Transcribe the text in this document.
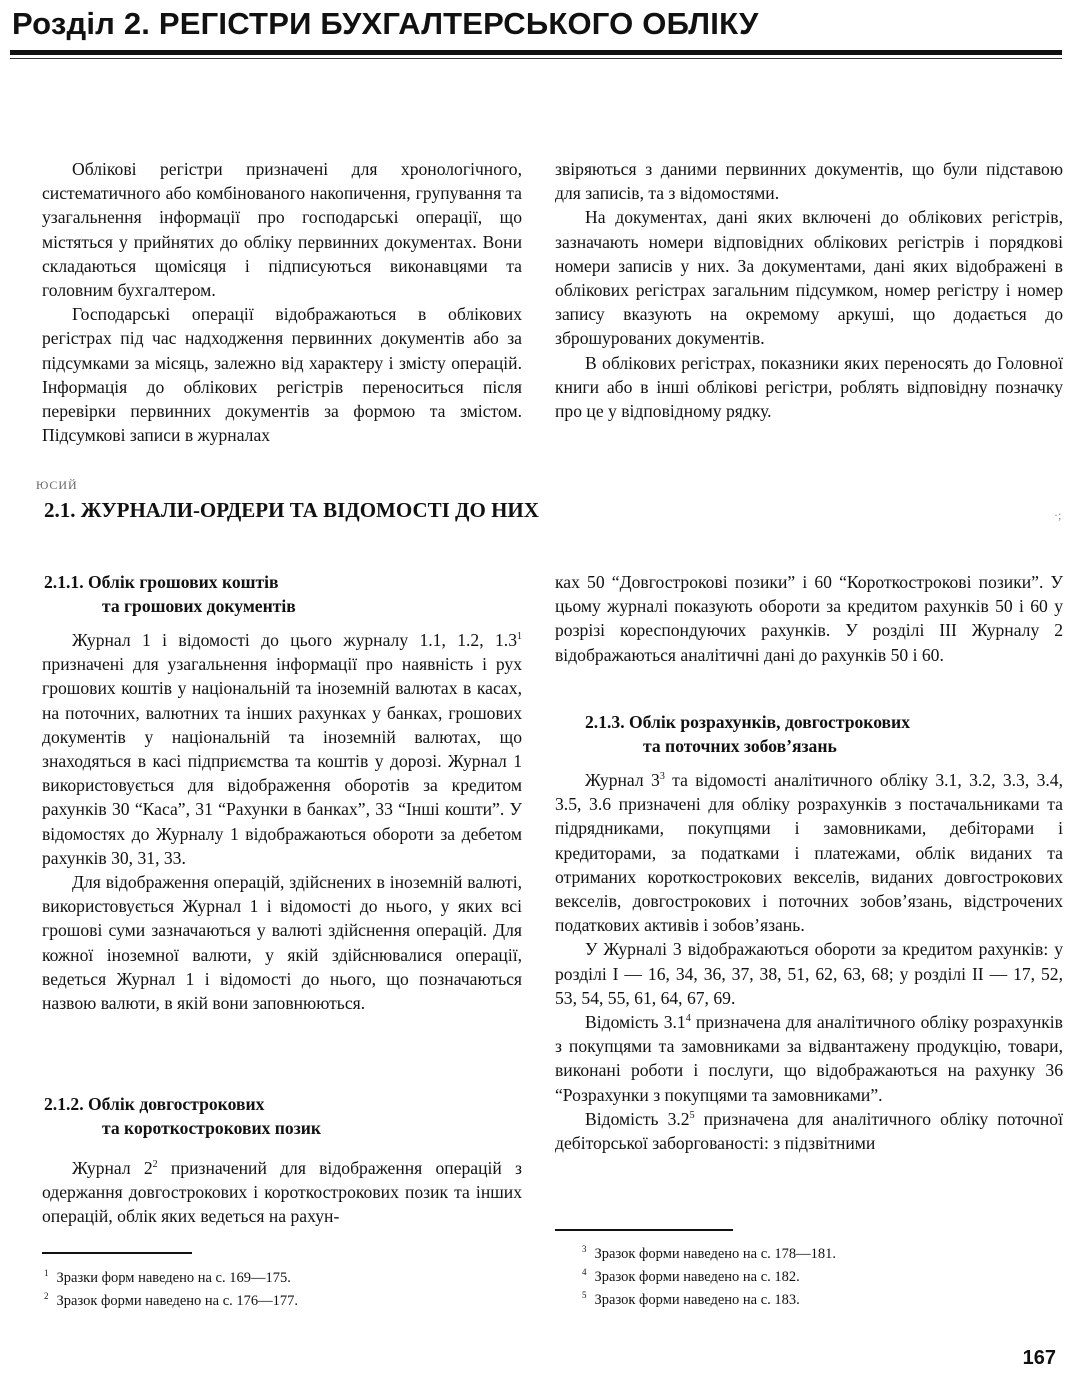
Розділ 2. РЕГІСТРИ БУХГАЛТЕРСЬКОГО ОБЛІКУ

Облікові регістри призначені для хронологічного, систематичного або комбінованого накопичення, групування та узагальнення інформації про господарські операції, що містяться у прийнятих до обліку первинних документах. Вони складаються щомісяця і підписуються виконавцями та головним бухгалтером.

Господарські операції відображаються в облікових регістрах під час надходження первинних документів або за підсумками за місяць, залежно від характеру і змісту операцій. Інформація до облікових регістрів переноситься після перевірки первинних документів за формою та змістом. Підсумкові записи в журналах

звіряються з даними первинних документів, що були підставою для записів, та з відомостями.

На документах, дані яких включені до облікових регістрів, зазначають номери відповідних облікових регістрів і порядкові номери записів у них. За документами, дані яких відображені в облікових регістрах загальним підсумком, номер регістру і номер запису вказують на окремому аркуші, що додається до зброшурованих документів.

В облікових регістрах, показники яких переносять до Головної книги або в інші облікові регістри, роблять відповідну позначку про це у відповідному рядку.

ЮСИЙ
·;
2.1. ЖУРНАЛИ-ОРДЕРИ ТА ВІДОМОСТІ ДО НИХ
2.1.1. Облік грошових коштів
та грошових документів

Журнал 1 і відомості до цього журналу 1.1, 1.2, $1.3^1$ призначені для узагальнення інформації про наявність і рух грошових коштів у національній та іноземній валютах в касах, на поточних, валютних та інших рахунках у банках, грошових документів у національній та іноземній валютах, що знаходяться в касі підприємства та коштів у дорозі. Журнал 1 використовується для відображення оборотів за кредитом рахунків 30 “Каса”, 31 “Рахунки в банках”, 33 “Інші кошти”. У відомостях до Журналу 1 відображаються обороти за дебетом рахунків 30, 31, 33.

Для відображення операцій, здійснених в іноземній валюті, використовується Журнал 1 і відомості до нього, у яких всі грошові суми зазначаються у валюті здійснення операцій. Для кожної іноземної валюти, у якій здійснювалися операції, ведеться Журнал 1 і відомості до нього, що позначаються назвою валюти, в якій вони заповнюються.

2.1.2. Облік довгострокових
та короткострокових позик

Журнал $2^2$ призначений для відображення операцій з одержання довгострокових і короткострокових позик та інших операцій, облік яких ведеться на рахун-

ках 50 “Довгострокові позики” і 60 “Короткострокові позики”. У цьому журналі показують обороти за кредитом рахунків 50 і 60 у розрізі кореспондуючих рахунків. У розділі III Журналу 2 відображаються аналітичні дані до рахунків 50 і 60.

2.1.3. Облік розрахунків, довгострокових
та поточних зобов’язань

Журнал $3^3$ та відомості аналітичного обліку 3.1, 3.2, 3.3, 3.4, 3.5, 3.6 призначені для обліку розрахунків з постачальниками та підрядниками, покупцями і замовниками, дебіторами і кредиторами, за податками і платежами, облік виданих та отриманих короткострокових векселів, виданих довгострокових векселів, довгострокових і поточних зобов’язань, відстрочених податкових активів і зобов’язань.

У Журналі 3 відображаються обороти за кредитом рахунків: у розділі I — 16, 34, 36, 37, 38, 51, 62, 63, 68; у розділі II — 17, 52, 53, 54, 55, 61, 64, 67, 69.

Відомість $3.1^4$ призначена для аналітичного обліку розрахунків з покупцями та замовниками за відвантажену продукцію, товари, виконані роботи і послуги, що відображаються на рахунку 36 “Розрахунки з покупцями та замовниками”.

Відомість $3.2^5$ призначена для аналітичного обліку поточної дебіторської заборгованості: з підзвітними

$^1$ Зразки форм наведено на с. 169—175.
$^2$ Зразок форми наведено на с. 176—177.
$^3$ Зразок форми наведено на с. 178—181.
$^4$ Зразок форми наведено на с. 182.
$^5$ Зразок форми наведено на с. 183.
167
